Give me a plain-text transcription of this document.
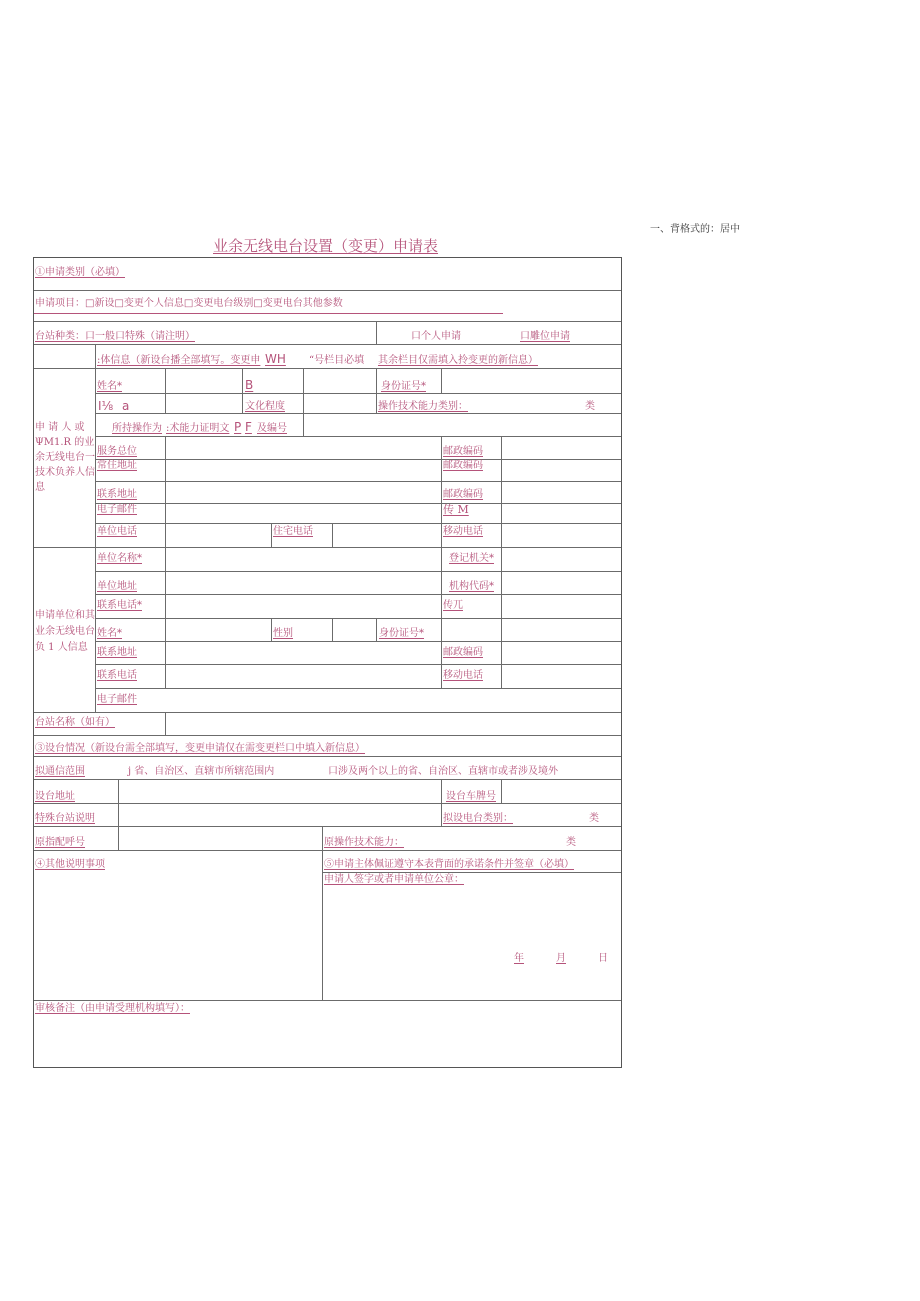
一、背格式的：居中
业余无线电台设置（变更）申请表
①申请类别（必填）
申请项目：□新设□变更个人信息□变更电台级别□变更电台其他参数
台站种类：口一般口特殊（请注明）	口个人申请	口雕位申请
:体信息（新设台播全部填写。变更申 WH “号栏目必填 其余栏目仅需填入拎变更的新信息）
申 请 人 或 ΨM1.R 的业余无线电台一技术负养人信息
姓名*	B	身份证号*
I⅛ a	文化程度	操作技术能力类别：	类
所持操作为 :术能力证明文 P F 及编号
服务总位	邮政编码
常住地址	邮政编码
联系地址	邮政编码
电子邮件	传 M
单位电话	住宅电话	移动电话
申请单位和其业余无线电台负 1 人信息
单位名称*	登记机关*
单位地址	机构代码*
联系电话*	传兀
姓名*	性别	身份证号*
联系地址	邮政编码
联系电话	移动电话
电子邮件
台站名称（如有）
③设台情况（新设台需全部填写，变更申请仅在需变更栏口中填入新信息）
拟通信范围	j 省、自治区、直辖市所辖范围内	口涉及两个以上的省、自治区、直辖市或者涉及境外
设台地址	设台车牌号
特殊台站说明	拟设电台类别：	类
原指配呼号	原操作技术能力：	类
④其他说明事项	⑤申请主体佩证遵守本表背面的承诺条件并签章（必填）
申请人签字或者申请单位公章：
年	月	日
审核备注（由申请受理机构填写）：
